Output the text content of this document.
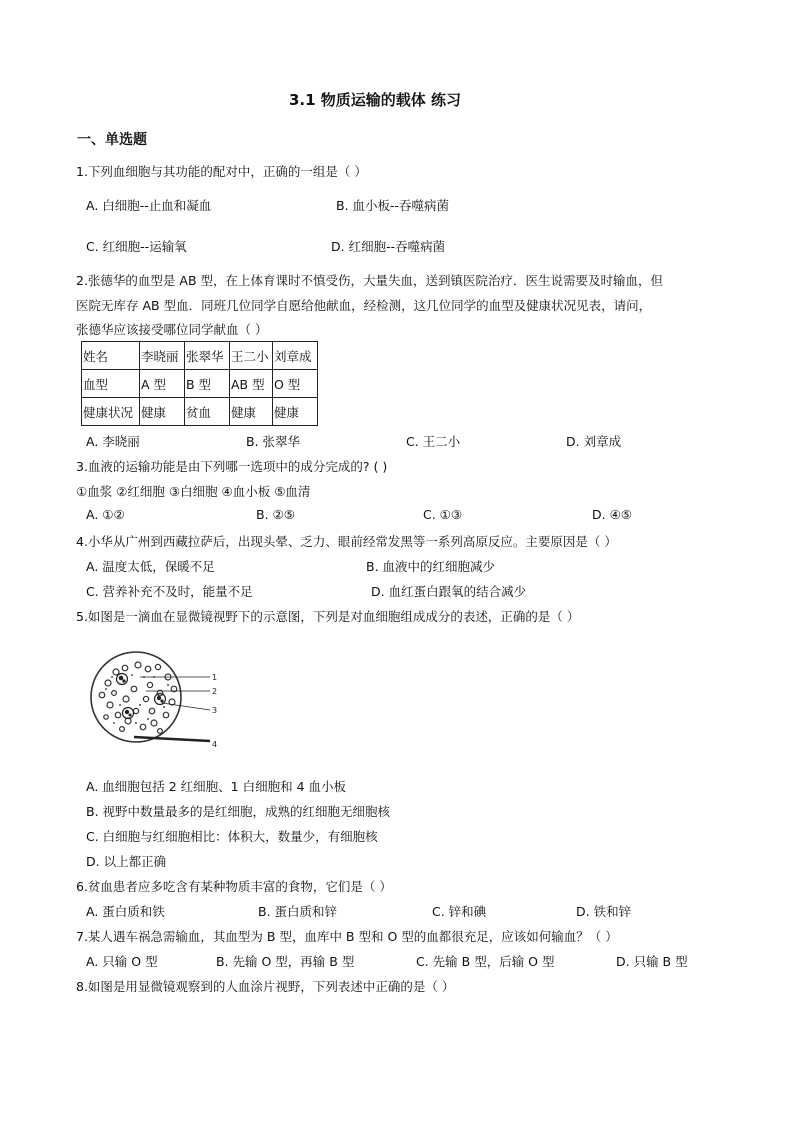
3.1 物质运输的载体 练习
一、单选题
1.下列血细胞与其功能的配对中，正确的一组是（ ）
A. 白细胞--止血和凝血	B. 血小板--吞噬病菌
C. 红细胞--运输氧	D. 红细胞--吞噬病菌
2.张德华的血型是 AB 型，在上体育课时不慎受伤，大量失血，送到镇医院治疗．医生说需要及时输血，但
医院无库存 AB 型血．同班几位同学自愿给他献血，经检测，这几位同学的血型及健康状况见表，请问，
张德华应该接受哪位同学献血（ ）
姓名	李晓丽	张翠华	王二小	刘章成
血型	A 型	B 型	AB 型	O 型
健康状况	健康	贫血	健康	健康
A. 李晓丽	B. 张翠华	C. 王二小	D. 刘章成
3.血液的运输功能是由下列哪一选项中的成分完成的? ( )
①血浆 ②红细胞 ③白细胞 ④血小板 ⑤血清
A. ①②	B. ②⑤	C. ①③	D. ④⑤
4.小华从广州到西藏拉萨后，出现头晕、乏力、眼前经常发黑等一系列高原反应。主要原因是（ ）
A. 温度太低，保暖不足	B. 血液中的红细胞减少
C. 营养补充不及时，能量不足	D. 血红蛋白跟氧的结合减少
5.如图是一滴血在显微镜视野下的示意图，下列是对血细胞组成成分的表述，正确的是（ ）
1
2
3
4
A. 血细胞包括 2 红细胞、1 白细胞和 4 血小板
B. 视野中数量最多的是红细胞，成熟的红细胞无细胞核
C. 白细胞与红细胞相比：体积大，数量少，有细胞核
D. 以上都正确
6.贫血患者应多吃含有某种物质丰富的食物，它们是（ ）
A. 蛋白质和铁	B. 蛋白质和锌	C. 锌和碘	D. 铁和锌
7.某人遇车祸急需输血，其血型为 B 型，血库中 B 型和 O 型的血都很充足，应该如何输血？（ ）
A. 只输 O 型	B. 先输 O 型，再输 B 型	C. 先输 B 型，后输 O 型	D. 只输 B 型
8.如图是用显微镜观察到的人血涂片视野，下列表述中正确的是（ ）
